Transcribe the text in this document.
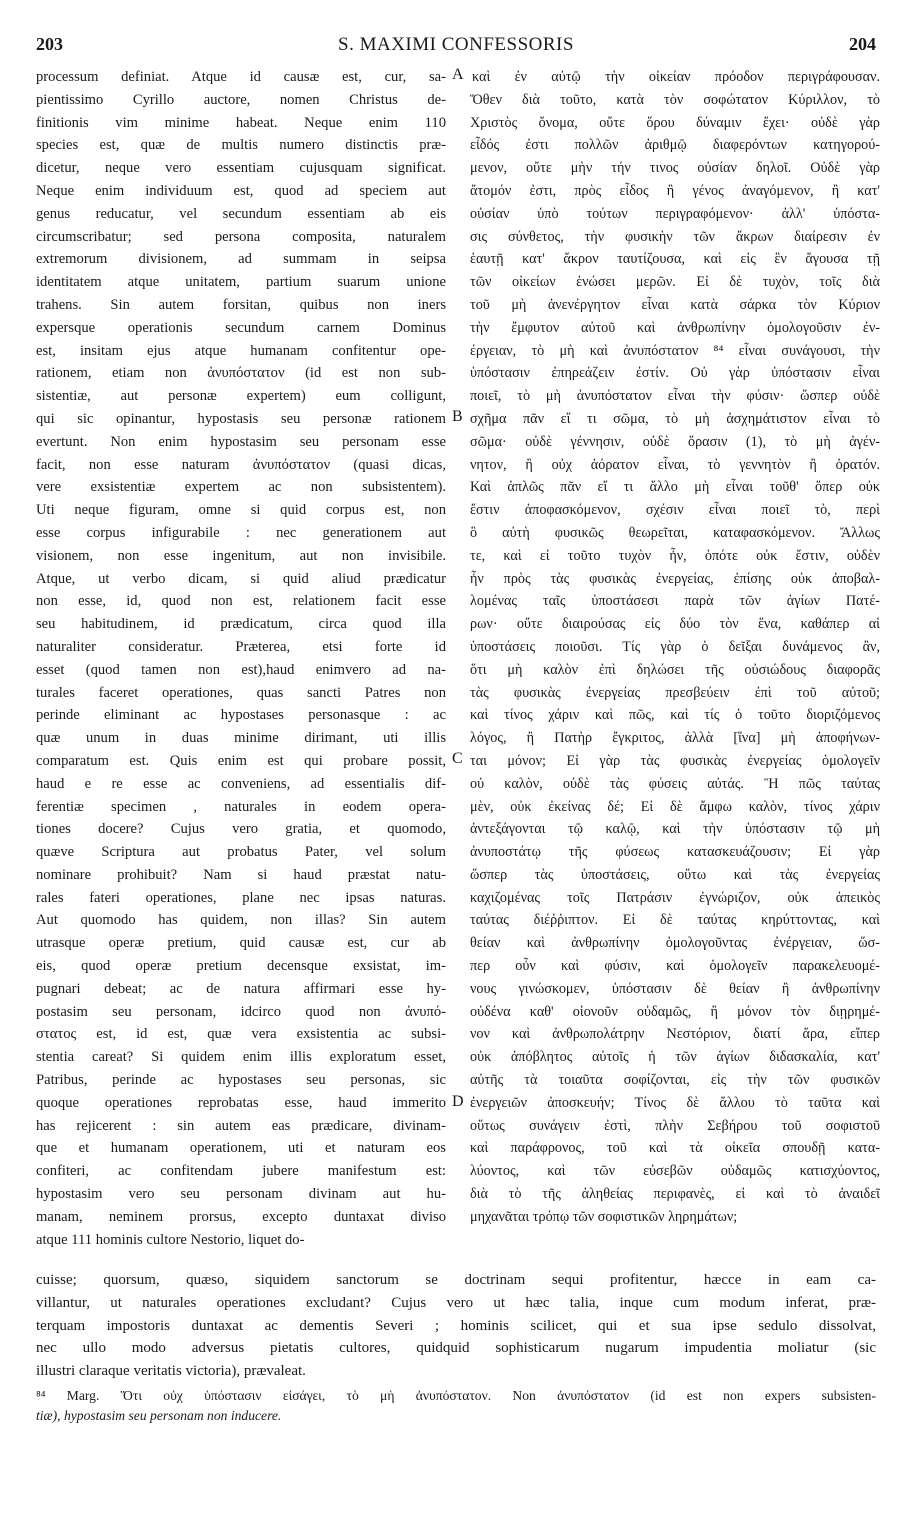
203	S. MAXIMI CONFESSORIS	204
processum definiat. Atque id causæ est, cur, sa-
pientissimo Cyrillo auctore, nomen Christus de-
finitionis vim minime habeat. Neque enim 110
species est, quæ de multis numero distinctis præ-
dicetur, neque vero essentiam cujusquam significat.
Neque enim individuum est, quod ad speciem aut
genus reducatur, vel secundum essentiam ab eis
circumscribatur; sed persona composita, naturalem
extremorum divisionem, ad summam in seipsa
identitatem atque unitatem, partium suarum unione
trahens. Sin autem forsitan, quibus non iners
expersque operationis secundum carnem Dominus
est, insitam ejus atque humanam confitentur ope-
rationem, etiam non ἀνυπόστατον (id est non sub-
sistentiæ, aut personæ expertem) eum colligunt,
qui sic opinantur, hypostasis seu personæ rationem
evertunt. Non enim hypostasim seu personam esse
facit, non esse naturam ἀνυπόστατον (quasi dicas,
vere exsistentiæ expertem ac non subsistentem).
Uti neque figuram, omne si quid corpus est, non
esse corpus infigurabile : nec generationem aut
visionem, non esse ingenitum, aut non invisibile.
Atque, ut verbo dicam, si quid aliud prædicatur
non esse, id, quod non est, relationem facit esse
seu habitudinem, id prædicatum, circa quod illa
naturaliter consideratur. Præterea, etsi forte id
esset (quod tamen non est),haud enimvero ad na-
turales faceret operationes, quas sancti Patres non
perinde eliminant ac hypostases personasque : ac
quæ unum in duas minime dirimant, uti illis
comparatum est. Quis enim est qui probare possit,
haud e re esse ac conveniens, ad essentialis dif-
ferentiæ specimen , naturales in eodem opera-
tiones docere? Cujus vero gratia, et quomodo,
quæve Scriptura aut probatus Pater, vel solum
nominare prohibuit? Nam si haud præstat natu-
rales fateri operationes, plane nec ipsas naturas.
Aut quomodo has quidem, non illas? Sin autem
utrasque operæ pretium, quid causæ est, cur ab
eis, quod operæ pretium decensque exsistat, im-
pugnari debeat; ac de natura affirmari esse hy-
postasim seu personam, idcirco quod non ἀνυπό-
στατος est, id est, quæ vera exsistentia ac subsi-
stentia careat? Si quidem enim illis exploratum esset,
Patribus, perinde ac hypostases seu personas, sic
quoque operationes reprobatas esse, haud immerito
has rejicerent : sin autem eas prædicare, divinam-
que et humanam operationem, uti et naturam eos
confiteri, ac confitendam jubere manifestum est:
hypostasim vero seu personam divinam aut hu-
manam, neminem prorsus, excepto duntaxat diviso
atque 111 hominis cultore Nestorio, liquet do-
καὶ ἐν αὐτῷ τὴν οἰκείαν πρόοδον περιγράφουσαν.
Ὅθεν διὰ τοῦτο, κατὰ τὸν σοφώτατον Κύριλλον, τὸ
Χριστὸς ὄνομα, οὔτε ὅρου δύναμιν ἔχει· οὐδὲ γὰρ
εἶδός ἐστι πολλῶν ἀριθμῷ διαφερόντων κατηγορού-
μενον, οὔτε μὴν τήν τινος οὐσίαν δηλοῖ. Οὐδὲ γὰρ
ἄτομόν ἐστι, πρὸς εἶδος ἢ γένος ἀναγόμενον, ἢ κατ'
οὐσίαν ὑπὸ τούτων περιγραφόμενον· ἀλλ' ὑπόστα-
σις σύνθετος, τὴν φυσικὴν τῶν ἄκρων διαίρεσιν ἐν
ἑαυτῇ κατ' ἄκρον ταυτίζουσα, καὶ εἰς ἓν ἄγουσα τῇ
τῶν οἰκείων ἑνώσει μερῶν. Εἰ δὲ τυχὸν, τοῖς διὰ
τοῦ μὴ ἀνενέργητον εἶναι κατὰ σάρκα τὸν Κύριον
τὴν ἔμφυτον αὐτοῦ καὶ ἀνθρωπίνην ὁμολογοῦσιν ἐν-
έργειαν, τὸ μὴ καὶ ἀνυπόστατον ⁸⁴ εἶναι συνάγουσι, τὴν
ὑπόστασιν ἐπηρεάζειν ἐστίν. Οὐ γὰρ ὑπόστασιν εἶναι
ποιεῖ, τὸ μὴ ἀνυπόστατον εἶναι τὴν φύσιν· ὥσπερ οὐδὲ
σχῆμα πᾶν εἴ τι σῶμα, τὸ μὴ ἀσχημάτιστον εἶναι τὸ
σῶμα· οὐδὲ γέννησιν, οὐδὲ ὅρασιν (1), τὸ μὴ ἀγέν-
νητον, ἢ οὐχ ἀόρατον εἶναι, τὸ γεννητὸν ἢ ὁρατόν.
Καὶ ἁπλῶς πᾶν εἴ τι ἄλλο μὴ εἶναι τοῦθ' ὅπερ οὐκ
ἔστιν ἀποφασκόμενον, σχέσιν εἶναι ποιεῖ τὸ, περὶ
ὃ αὐτὴ φυσικῶς θεωρεῖται, καταφασκόμενον. Ἄλλως
τε, καὶ εἰ τοῦτο τυχὸν ἦν, ὁπότε οὐκ ἔστιν, οὐδὲν
ἦν πρὸς τὰς φυσικὰς ἐνεργείας, ἐπίσης οὐκ ἀποβαλ-
λομένας ταῖς ὑποστάσεσι παρὰ τῶν ἁγίων Πατέ-
ρων· οὔτε διαιρούσας εἰς δύο τὸν ἕνα, καθάπερ αἱ
ὑποστάσεις ποιοῦσι. Τίς γὰρ ὁ δεῖξαι δυνάμενος ἂν,
ὅτι μὴ καλὸν ἐπὶ δηλώσει τῆς οὐσιώδους διαφορᾶς
τὰς φυσικὰς ἐνεργείας πρεσβεύειν ἐπὶ τοῦ αὐτοῦ;
καὶ τίνος χάριν καὶ πῶς, καὶ τίς ὁ τοῦτο διοριζόμενος
λόγος, ἢ Πατὴρ ἔγκριτος, ἀλλὰ [ἵνα] μὴ ἀποφήνων-
ται μόνον; Εἰ γὰρ τὰς φυσικὰς ἐνεργείας ὁμολογεῖν
οὐ καλὸν, οὐδὲ τὰς φύσεις αὐτάς. Ἢ πῶς ταύτας
μὲν, οὐκ ἐκείνας δέ; Εἰ δὲ ἄμφω καλὸν, τίνος χάριν
ἀντεξάγονται τῷ καλῷ, καὶ τὴν ὑπόστασιν τῷ μὴ
ἀνυποστάτῳ τῆς φύσεως κατασκευάζουσιν; Εἰ γὰρ
ὥσπερ τὰς ὑποστάσεις, οὕτω καὶ τὰς ἐνεργείας
καχιζομένας τοῖς Πατράσιν ἐγνώριζον, οὐκ ἀπεικὸς
ταύτας διέῤῥιπτον. Εἰ δὲ ταύτας κηρύττοντας, καὶ
θείαν καὶ ἀνθρωπίνην ὁμολογοῦντας ἐνέργειαν, ὥσ-
περ οὖν καὶ φύσιν, καὶ ὁμολογεῖν παρακελευομέ-
νους γινώσκομεν, ὑπόστασιν δὲ θείαν ἢ ἀνθρωπίνην
οὐδένα καθ' οἱονοῦν οὐδαμῶς, ἢ μόνον τὸν διῃρημέ-
νον καὶ ἀνθρωπολάτρην Νεστόριον, διατί ἄρα, εἴπερ
οὐκ ἀπόβλητος αὐτοῖς ἡ τῶν ἁγίων διδασκαλία, κατ'
αὐτῆς τὰ τοιαῦτα σοφίζονται, εἰς τὴν τῶν φυσικῶν
ἐνεργειῶν ἀποσκευήν; Τίνος δὲ ἄλλου τὸ ταῦτα καὶ
οὕτως συνάγειν ἐστὶ, πλὴν Σεβήρου τοῦ σοφιστοῦ
καὶ παράφρονος, τοῦ καὶ τὰ οἰκεῖα σπουδῇ κατα-
λύοντος, καὶ τῶν εὐσεβῶν οὐδαμῶς κατισχύοντος,
διὰ τὸ τῆς ἀληθείας περιφανὲς, εἰ καὶ τὸ ἀναιδεῖ
μηχανᾶται τρόπῳ τῶν σοφιστικῶν ληρημάτων;
A
B
C
D
cuisse; quorsum, quæso, siquidem sanctorum se doctrinam sequi profitentur, hæcce in eam ca-
villantur, ut naturales operationes excludant? Cujus vero ut hæc talia, inque cum modum inferat, præ-
terquam impostoris duntaxat ac dementis Severi ; hominis scilicet, qui et sua ipse sedulo dissolvat,
nec ullo modo adversus pietatis cultores, quidquid sophisticarum nugarum impudentia moliatur (sic
illustri claraque veritatis victoria), prævaleat.
⁸⁴ Marg. Ὅτι οὐχ ὑπόστασιν εἰσάγει, τὸ μὴ ἀνυπόστατον. Non ἀνυπόστατον (id est non expers subsisten-
tiæ), hypostasim seu personam non inducere.
